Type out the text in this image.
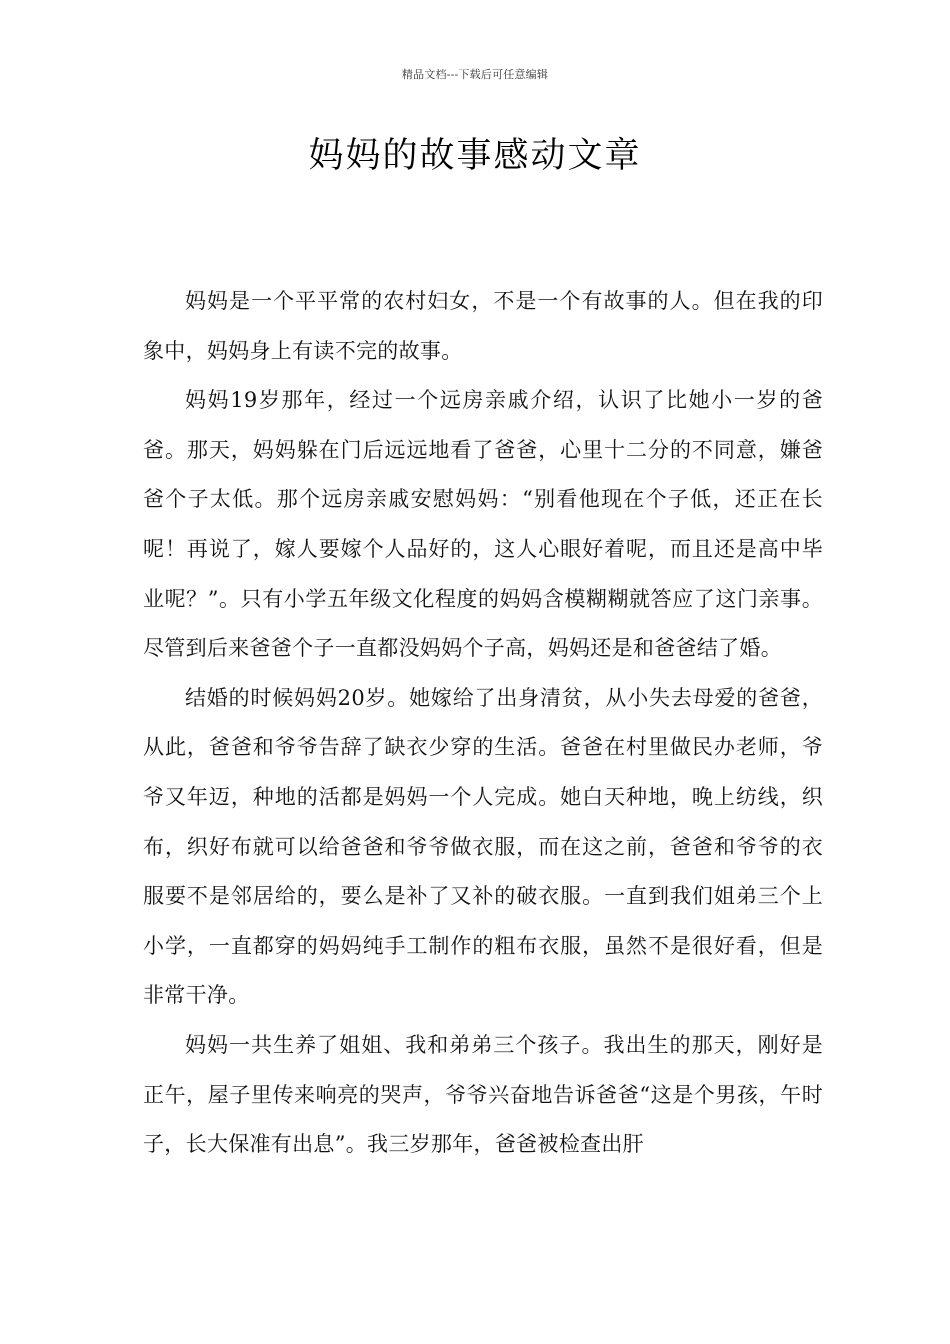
精品文档---下载后可任意编辑
妈妈的故事感动文章

妈妈是一个平平常的农村妇女，不是一个有故事的人。但在我的印象中，妈妈身上有读不完的故事。

妈妈19岁那年，经过一个远房亲戚介绍，认识了比她小一岁的爸爸。那天，妈妈躲在门后远远地看了爸爸，心里十二分的不同意，嫌爸爸个子太低。那个远房亲戚安慰妈妈：“别看他现在个子低，还正在长呢！再说了，嫁人要嫁个人品好的，这人心眼好着呢，而且还是高中毕业呢？”。只有小学五年级文化程度的妈妈含模糊糊就答应了这门亲事。尽管到后来爸爸个子一直都没妈妈个子高，妈妈还是和爸爸结了婚。

结婚的时候妈妈20岁。她嫁给了出身清贫，从小失去母爱的爸爸，从此，爸爸和爷爷告辞了缺衣少穿的生活。爸爸在村里做民办老师，爷爷又年迈，种地的活都是妈妈一个人完成。她白天种地，晚上纺线，织布，织好布就可以给爸爸和爷爷做衣服，而在这之前，爸爸和爷爷的衣服要不是邻居给的，要么是补了又补的破衣服。一直到我们姐弟三个上小学，一直都穿的妈妈纯手工制作的粗布衣服，虽然不是很好看，但是非常干净。

妈妈一共生养了姐姐、我和弟弟三个孩子。我出生的那天，刚好是正午，屋子里传来响亮的哭声，爷爷兴奋地告诉爸爸“这是个男孩，午时子，长大保准有出息”。我三岁那年，爸爸被检查出肝
